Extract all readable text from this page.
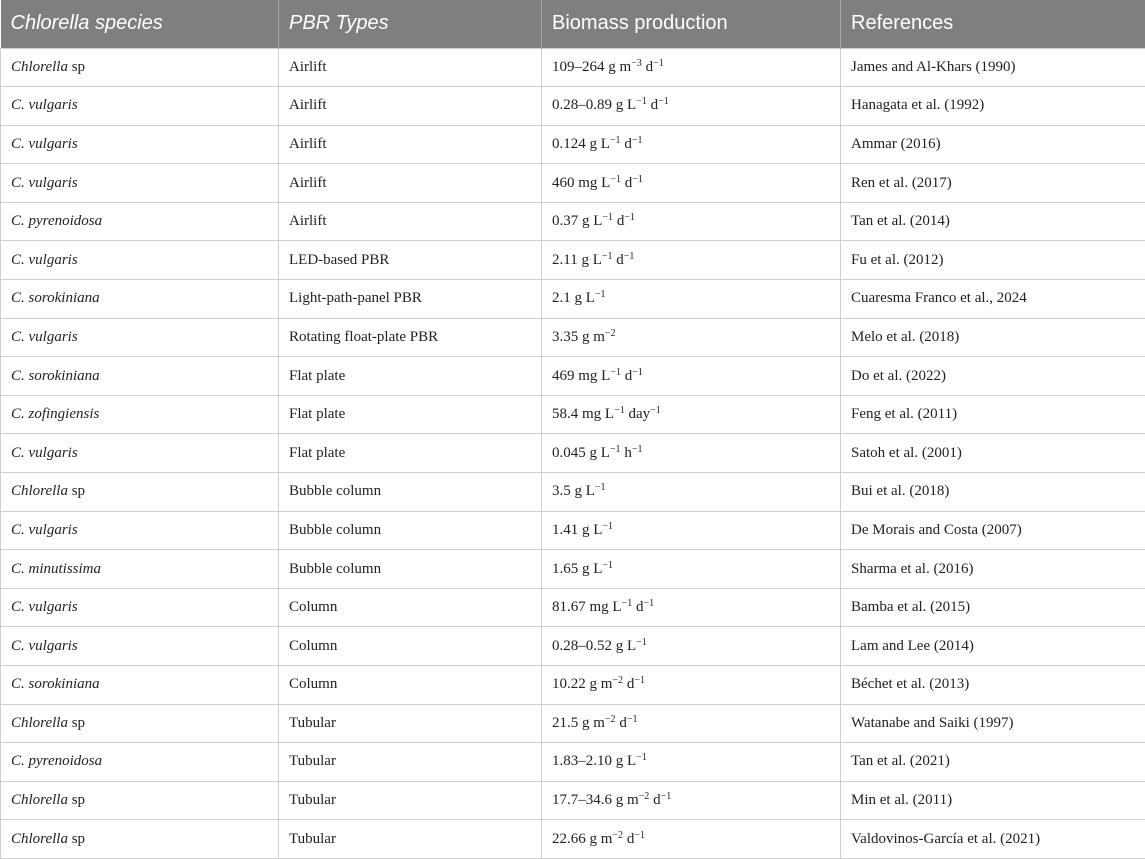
Chlorella species	PBR Types	Biomass production	References
Chlorella sp	Airlift	109–264 g $m^{-3}$ $d^{-1}$	James and Al-Khars (1990)
C. vulgaris	Airlift	0.28–0.89 g $L^{-1}$ $d^{-1}$	Hanagata et al. (1992)
C. vulgaris	Airlift	0.124 g $L^{-1}$ $d^{-1}$	Ammar (2016)
C. vulgaris	Airlift	460 mg $L^{-1}$ $d^{-1}$	Ren et al. (2017)
C. pyrenoidosa	Airlift	0.37 g $L^{-1}$ $d^{-1}$	Tan et al. (2014)
C. vulgaris	LED-based PBR	2.11 g $L^{-1}$ $d^{-1}$	Fu et al. (2012)
C. sorokiniana	Light-path-panel PBR	2.1 g $L^{-1}$	Cuaresma Franco et al., 2024
C. vulgaris	Rotating float-plate PBR	3.35 g $m^{-2}$	Melo et al. (2018)
C. sorokiniana	Flat plate	469 mg $L^{-1}$ $d^{-1}$	Do et al. (2022)
C. zofingiensis	Flat plate	58.4 mg $L^{-1}$ day$^{-1}$	Feng et al. (2011)
C. vulgaris	Flat plate	0.045 g $L^{-1}$ $h^{-1}$	Satoh et al. (2001)
Chlorella sp	Bubble column	3.5 g $L^{-1}$	Bui et al. (2018)
C. vulgaris	Bubble column	1.41 g $L^{-1}$	De Morais and Costa (2007)
C. minutissima	Bubble column	1.65 g $L^{-1}$	Sharma et al. (2016)
C. vulgaris	Column	81.67 mg $L^{-1}$ $d^{-1}$	Bamba et al. (2015)
C. vulgaris	Column	0.28–0.52 g $L^{-1}$	Lam and Lee (2014)
C. sorokiniana	Column	10.22 g $m^{-2}$ $d^{-1}$	Béchet et al. (2013)
Chlorella sp	Tubular	21.5 g $m^{-2}$ $d^{-1}$	Watanabe and Saiki (1997)
C. pyrenoidosa	Tubular	1.83–2.10 g $L^{-1}$	Tan et al. (2021)
Chlorella sp	Tubular	17.7–34.6 g $m^{-2}$ $d^{-1}$	Min et al. (2011)
Chlorella sp	Tubular	22.66 g $m^{-2}$ $d^{-1}$	Valdovinos-García et al. (2021)
